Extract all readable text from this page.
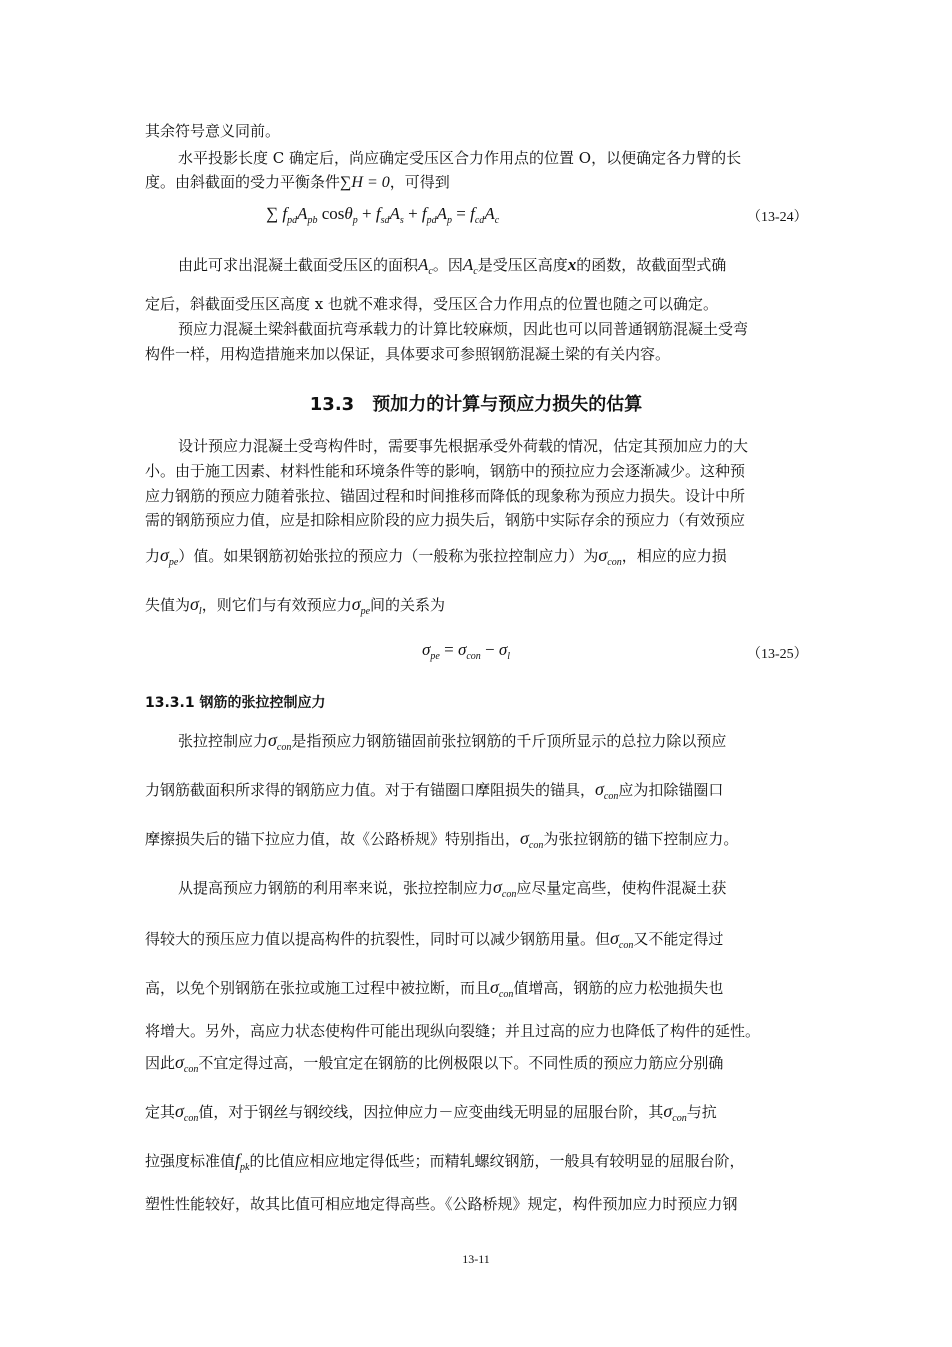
其余符号意义同前。
水平投影长度 C 确定后，尚应确定受压区合力作用点的位置 O，以便确定各力臂的长
度。由斜截面的受力平衡条件∑H = 0，可得到
∑ $f_{pd}A_{pb}$ $\cos\theta_p + f_{sd}A_s + f_{pd}A_p = f_{cd}A_c$	（13-24）
由此可求出混凝土截面受压区的面积$A_c$。因$A_c$是受压区高度x的函数，故截面型式确
定后，斜截面受压区高度 x 也就不难求得，受压区合力作用点的位置也随之可以确定。
预应力混凝土梁斜截面抗弯承载力的计算比较麻烦，因此也可以同普通钢筋混凝土受弯
构件一样，用构造措施来加以保证，具体要求可参照钢筋混凝土梁的有关内容。
13.3　预加力的计算与预应力损失的估算
设计预应力混凝土受弯构件时，需要事先根据承受外荷载的情况，估定其预加应力的大
小。由于施工因素、材料性能和环境条件等的影响，钢筋中的预拉应力会逐渐减少。这种预
应力钢筋的预应力随着张拉、锚固过程和时间推移而降低的现象称为预应力损失。设计中所
需的钢筋预应力值，应是扣除相应阶段的应力损失后，钢筋中实际存余的预应力（有效预应
力$\sigma_{pe}$）值。如果钢筋初始张拉的预应力（一般称为张拉控制应力）为$\sigma_{con}$，相应的应力损
失值为$\sigma_l$，则它们与有效预应力$\sigma_{pe}$间的关系为
$\sigma_{pe} = \sigma_{con} - \sigma_l$	（13-25）
13.3.1 钢筋的张拉控制应力
张拉控制应力$\sigma_{con}$是指预应力钢筋锚固前张拉钢筋的千斤顶所显示的总拉力除以预应
力钢筋截面积所求得的钢筋应力值。对于有锚圈口摩阻损失的锚具，$\sigma_{con}$应为扣除锚圈口
摩擦损失后的锚下拉应力值，故《公路桥规》特别指出，$\sigma_{con}$为张拉钢筋的锚下控制应力。
从提高预应力钢筋的利用率来说，张拉控制应力$\sigma_{con}$应尽量定高些，使构件混凝土获
得较大的预压应力值以提高构件的抗裂性，同时可以减少钢筋用量。但$\sigma_{con}$又不能定得过
高，以免个别钢筋在张拉或施工过程中被拉断，而且$\sigma_{con}$值增高，钢筋的应力松弛损失也
将增大。另外，高应力状态使构件可能出现纵向裂缝；并且过高的应力也降低了构件的延性。
因此$\sigma_{con}$不宜定得过高，一般宜定在钢筋的比例极限以下。不同性质的预应力筋应分别确
定其$\sigma_{con}$值，对于钢丝与钢绞线，因拉伸应力－应变曲线无明显的屈服台阶，其$\sigma_{con}$与抗
拉强度标准值$f_{pk}$的比值应相应地定得低些；而精轧螺纹钢筋，一般具有较明显的屈服台阶，
塑性性能较好，故其比值可相应地定得高些。《公路桥规》规定，构件预加应力时预应力钢
13-11
